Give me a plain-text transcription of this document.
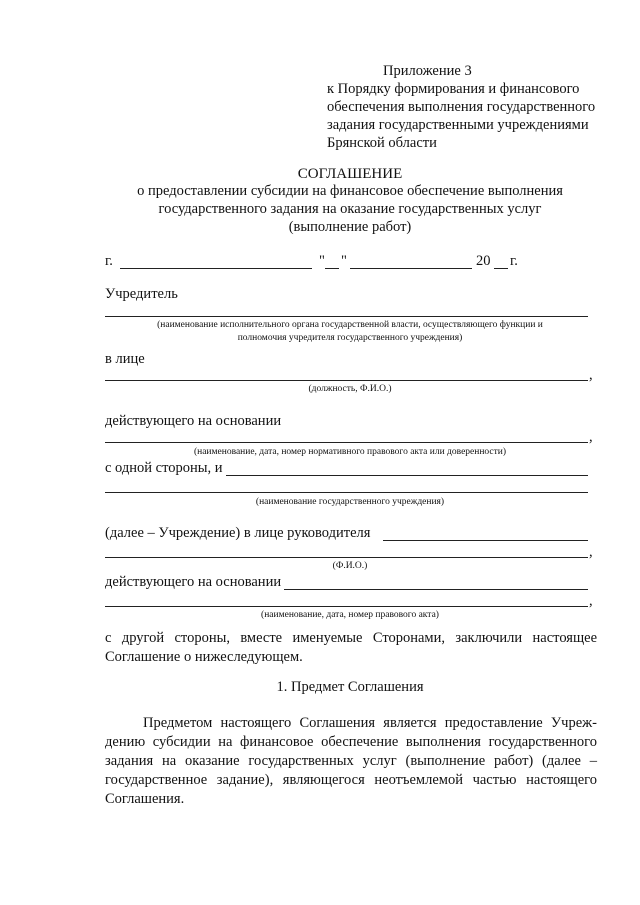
Приложение 3
к Порядку формирования и финансового
обеспечения выполнения государственного
задания государственными учреждениями
Брянской области
СОГЛАШЕНИЕ
о предоставлении субсидии на финансовое обеспечение выполнения
государственного задания на оказание государственных услуг
(выполнение работ)
г.	" "	20 г.
Учредитель
(наименование исполнительного органа государственной власти, осуществляющего функции и
полномочия учредителя государственного учреждения)
в лице
,
(должность, Ф.И.О.)
действующего на основании
,
(наименование, дата, номер нормативного правового акта или доверенности)
с одной стороны, и
(наименование государственного учреждения)
(далее – Учреждение) в лице руководителя
,
(Ф.И.О.)
действующего на основании
,
(наименование, дата, номер правового акта)
с другой стороны, вместе именуемые Сторонами, заключили настоящее
Соглашение о нижеследующем.
1. Предмет Соглашения
Предметом настоящего Соглашения является предоставление Учреж-
дению субсидии на финансовое обеспечение выполнения государственного
задания на оказание государственных услуг (выполнение работ) (далее –
государственное задание), являющегося неотъемлемой частью настоящего
Соглашения.
